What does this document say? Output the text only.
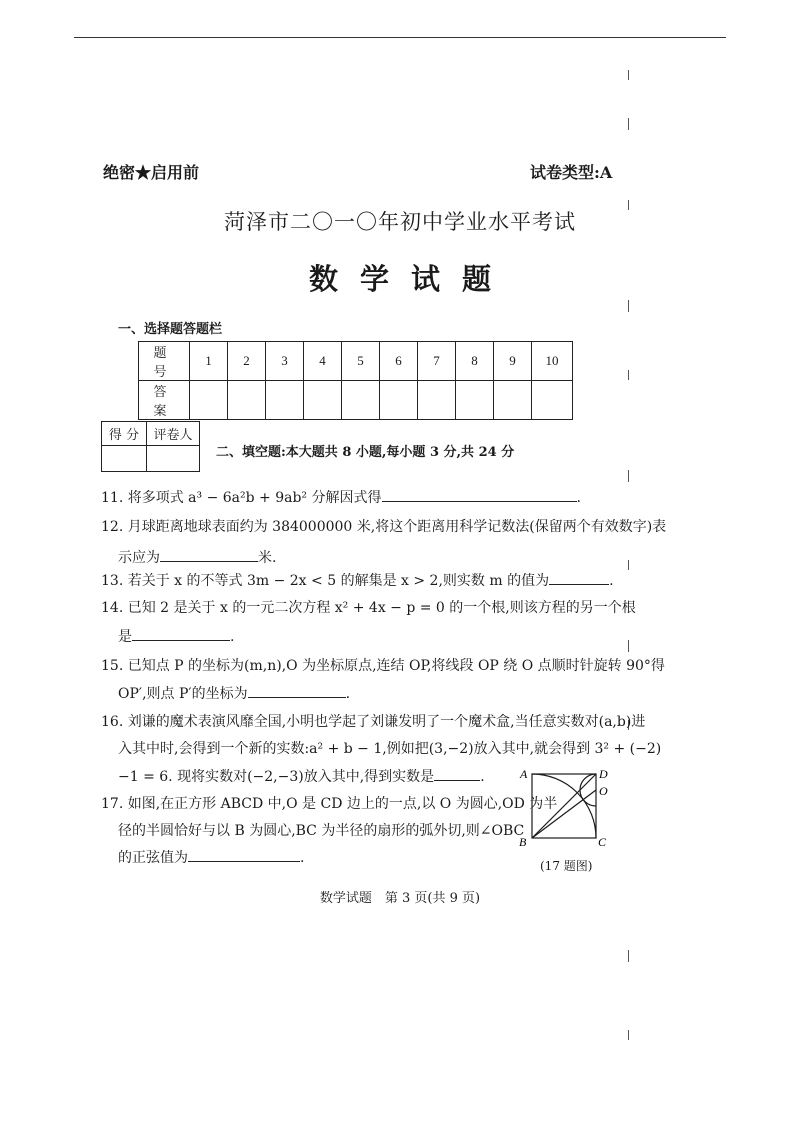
绝密★启用前	试卷类型:A
菏泽市二〇一〇年初中学业水平考试
数学试题
一、选择题答题栏
题 号	1	2	3	4	5	6	7	8	9	10
答 案										
得 分	评卷人

二、填空题:本大题共 8 小题,每小题 3 分,共 24 分
11. 将多项式 a³ − 6a²b + 9ab² 分解因式得	.
12. 月球距离地球表面约为 384000000 米,将这个距离用科学记数法(保留两个有效数字)表
示应为	米.
13. 若关于 x 的不等式 3m − 2x < 5 的解集是 x > 2,则实数 m 的值为	.
14. 已知 2 是关于 x 的一元二次方程 x² + 4x − p = 0 的一个根,则该方程的另一个根
是	.
15. 已知点 P 的坐标为(m,n),O 为坐标原点,连结 OP,将线段 OP 绕 O 点顺时针旋转 90°得
OP′,则点 P′的坐标为	.
16. 刘谦的魔术表演风靡全国,小明也学起了刘谦发明了一个魔术盒,当任意实数对(a,b)进
入其中时,会得到一个新的实数:a² + b − 1,例如把(3,−2)放入其中,就会得到 3² + (−2)
−1 = 6. 现将实数对(−2,−3)放入其中,得到实数是	.
17. 如图,在正方形 ABCD 中,O 是 CD 边上的一点,以 O 为圆心,OD 为半
径的半圆恰好与以 B 为圆心,BC 为半径的扇形的弧外切,则∠OBC
的正弦值为	.
A	D
O
B	C
(17 题图)
数学试题　第 3 页(共 9 页)
